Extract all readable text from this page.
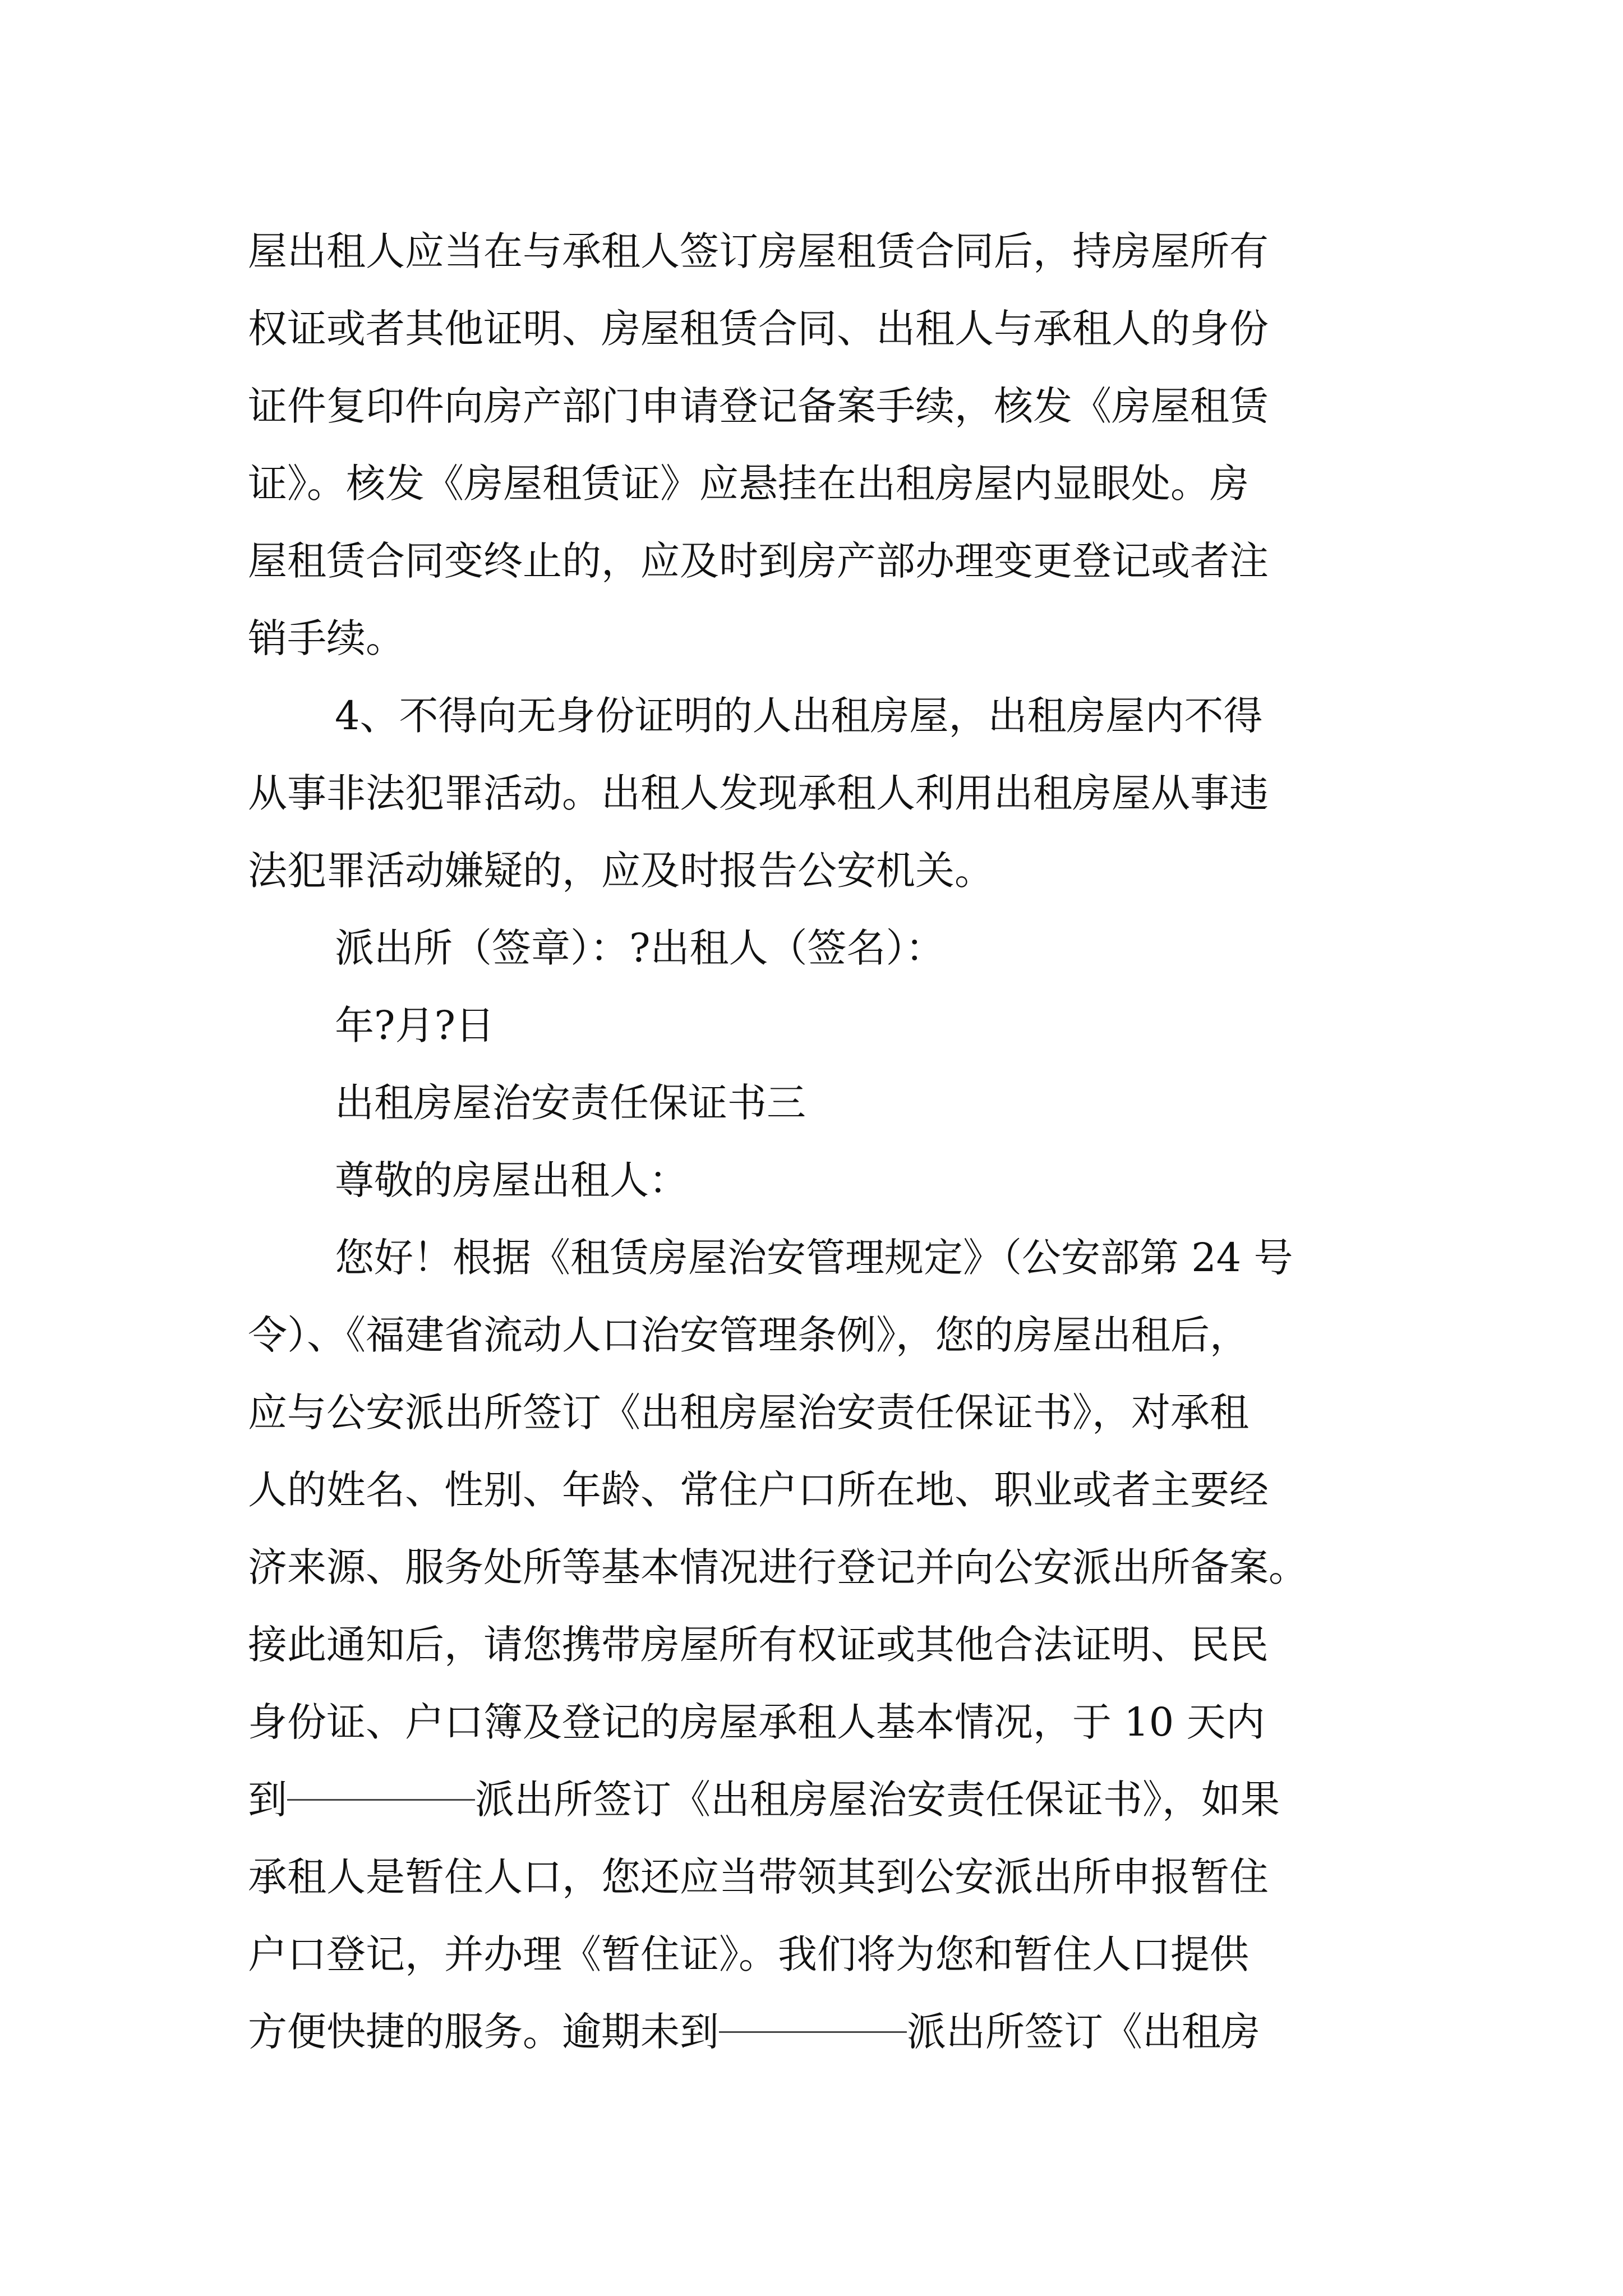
屋出租人应当在与承租人签订房屋租赁合同后，持房屋所有
权证或者其他证明、房屋租赁合同、出租人与承租人的身份
证件复印件向房产部门申请登记备案手续，核发《房屋租赁
证》。核发《房屋租赁证》应悬挂在出租房屋内显眼处。房
屋租赁合同变终止的，应及时到房产部办理变更登记或者注
销手续。
4、不得向无身份证明的人出租房屋，出租房屋内不得
从事非法犯罪活动。出租人发现承租人利用出租房屋从事违
法犯罪活动嫌疑的，应及时报告公安机关。
派出所（签章）：?出租人（签名）：
年?月?日
出租房屋治安责任保证书三
尊敬的房屋出租人：
您好！根据《租赁房屋治安管理规定》（公安部第 24 号
令）、《福建省流动人口治安管理条例》，您的房屋出租后，
应与公安派出所签订《出租房屋治安责任保证书》，对承租
人的姓名、性别、年龄、常住户口所在地、职业或者主要经
济来源、服务处所等基本情况进行登记并向公安派出所备案。
接此通知后，请您携带房屋所有权证或其他合法证明、民民
身份证、户口簿及登记的房屋承租人基本情况，于 10 天内
到	派出所签订《出租房屋治安责任保证书》，如果
承租人是暂住人口，您还应当带领其到公安派出所申报暂住
户口登记，并办理《暂住证》。我们将为您和暂住人口提供
方便快捷的服务。逾期未到	派出所签订《出租房
